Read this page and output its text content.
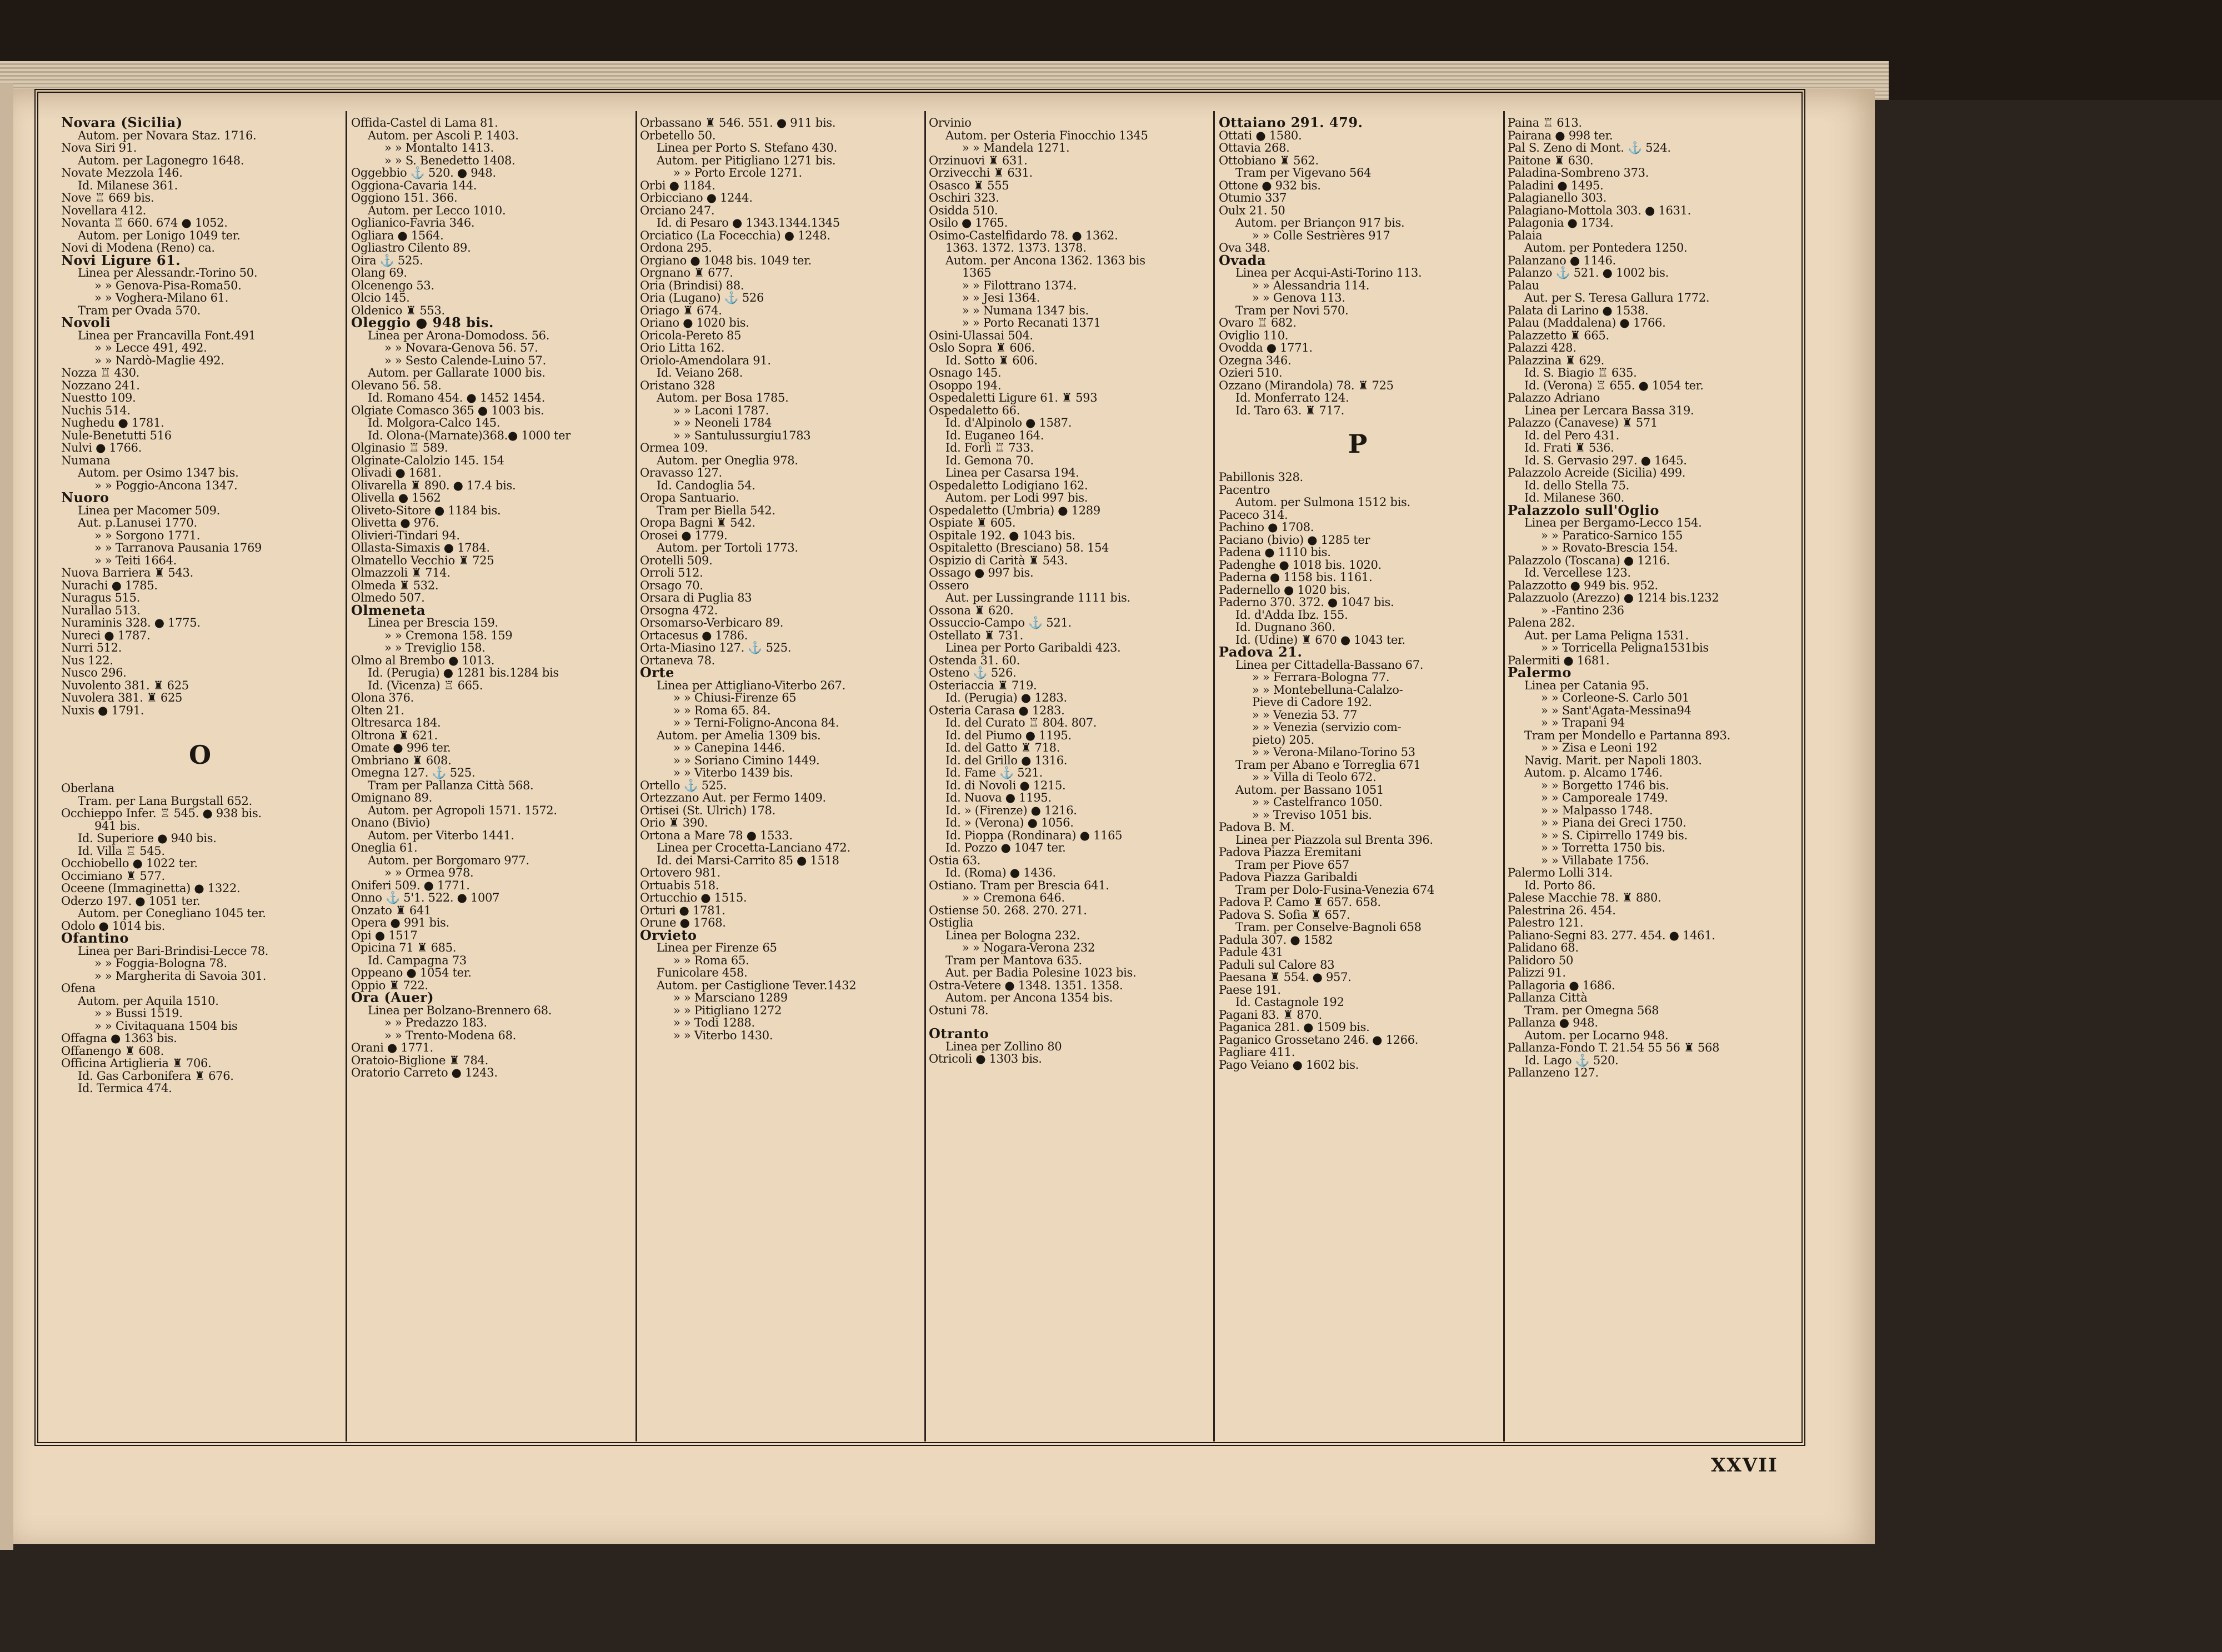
Novara (Sicilia)
Autom. per Novara Staz. 1716.
Nova Siri 91.
Autom. per Lagonegro 1648.
Novate Mezzola 146.
Id. Milanese 361.
Nove ♖ 669 bis.
Novellara 412.
Novanta ♖ 660. 674 ● 1052.
Autom. per Lonigo 1049 ter.
Novi di Modena (Reno) ca.
Novi Ligure 61.
Linea per Alessandr.-Torino 50.
» » Genova-Pisa-Roma50.
» » Voghera-Milano 61.
Tram per Ovada 570.
Novoli
Linea per Francavilla Font.491
» » Lecce 491, 492.
» » Nardò-Maglie 492.
Nozza ♖ 430.
Nozzano 241.
Nuestto 109.
Nuchis 514.
Nughedu ● 1781.
Nule-Benetutti 516
Nulvi ● 1766.
Numana
Autom. per Osimo 1347 bis.
» » Poggio-Ancona 1347.
Nuoro
Linea per Macomer 509.
Aut. p.Lanusei 1770.
» » Sorgono 1771.
» » Tarranova Pausania 1769
» » Teiti 1664.
Nuova Barriera ♜ 543.
Nurachi ● 1785.
Nuragus 515.
Nurallao 513.
Nuraminis 328. ● 1775.
Nureci ● 1787.
Nurri 512.
Nus 122.
Nusco 296.
Nuvolento 381. ♜ 625
Nuvolera 381. ♜ 625
Nuxis ● 1791.
O
Oberlana
Tram. per Lana Burgstall 652.
Occhieppo Infer. ♖ 545. ● 938 bis.
941 bis.
Id. Superiore ● 940 bis.
Id. Villa ♖ 545.
Occhiobello ● 1022 ter.
Occimiano ♜ 577.
Oceene (Immaginetta) ● 1322.
Oderzo 197. ● 1051 ter.
Autom. per Conegliano 1045 ter.
Odolo ● 1014 bis.
Ofantino
Linea per Bari-Brindisi-Lecce 78.
» » Foggia-Bologna 78.
» » Margherita di Savoia 301.
Ofena
Autom. per Aquila 1510.
» » Bussi 1519.
» » Civitaquana 1504 bis
Offagna ● 1363 bis.
Offanengo ♜ 608.
Officina Artiglieria ♜ 706.
Id. Gas Carbonifera ♜ 676.
Id. Termica 474.
Offida-Castel di Lama 81.
Autom. per Ascoli P. 1403.
» » Montalto 1413.
» » S. Benedetto 1408.
Oggebbio ⚓ 520. ● 948.
Oggiona-Cavaria 144.
Oggiono 151. 366.
Autom. per Lecco 1010.
Oglianico-Favria 346.
Ogliara ● 1564.
Ogliastro Cilento 89.
Oira ⚓ 525.
Olang 69.
Olcenengo 53.
Olcio 145.
Oldenico ♜ 553.
Oleggio ● 948 bis.
Linea per Arona-Domodoss. 56.
» » Novara-Genova 56. 57.
» » Sesto Calende-Luino 57.
Autom. per Gallarate 1000 bis.
Olevano 56. 58.
Id. Romano 454. ● 1452 1454.
Olgiate Comasco 365 ● 1003 bis.
Id. Molgora-Calco 145.
Id. Olona-(Marnate)368.● 1000 ter
Olginasio ♖ 589.
Olginate-Calolzio 145. 154
Olivadi ● 1681.
Olivarella ♜ 890. ● 17.4 bis.
Olivella ● 1562
Oliveto-Sitore ● 1184 bis.
Olivetta ● 976.
Olivieri-Tindari 94.
Ollasta-Simaxis ● 1784.
Olmatello Vecchio ♜ 725
Olmazzoli ♜ 714.
Olmeda ♜ 532.
Olmedo 507.
Olmeneta
Linea per Brescia 159.
» » Cremona 158. 159
» » Treviglio 158.
Olmo al Brembo ● 1013.
Id. (Perugia) ● 1281 bis.1284 bis
Id. (Vicenza) ♖ 665.
Olona 376.
Olten 21.
Oltresarca 184.
Oltrona ♜ 621.
Omate ● 996 ter.
Ombriano ♜ 608.
Omegna 127. ⚓ 525.
Tram per Pallanza Città 568.
Omignano 89.
Autom. per Agropoli 1571. 1572.
Onano (Bivio)
Autom. per Viterbo 1441.
Oneglia 61.
Autom. per Borgomaro 977.
» » Ormea 978.
Oniferi 509. ● 1771.
Onno ⚓ 5'1. 522. ● 1007
Onzato ♜ 641
Opera ● 991 bis.
Opi ● 1517
Opicina 71 ♜ 685.
Id. Campagna 73
Oppeano ● 1054 ter.
Oppio ♜ 722.
Ora (Auer)
Linea per Bolzano-Brennero 68.
» » Predazzo 183.
» » Trento-Modena 68.
Orani ● 1771.
Oratoio-Biglione ♜ 784.
Oratorio Carreto ● 1243.
Orbassano ♜ 546. 551. ● 911 bis.
Orbetello 50.
Linea per Porto S. Stefano 430.
Autom. per Pitigliano 1271 bis.
» » Porto Ercole 1271.
Orbi ● 1184.
Orbicciano ● 1244.
Orciano 247.
Id. di Pesaro ● 1343.1344.1345
Orciatico (La Focecchia) ● 1248.
Ordona 295.
Orgiano ● 1048 bis. 1049 ter.
Orgnano ♜ 677.
Oria (Brindisi) 88.
Oria (Lugano) ⚓ 526
Oriago ♜ 674.
Oriano ● 1020 bis.
Oricola-Pereto 85
Orio Litta 162.
Oriolo-Amendolara 91.
Id. Veiano 268.
Oristano 328
Autom. per Bosa 1785.
» » Laconi 1787.
» » Neoneli 1784
» » Santulussurgiu1783
Ormea 109.
Autom. per Oneglia 978.
Oravasso 127.
Id. Candoglia 54.
Oropa Santuario.
Tram per Biella 542.
Oropa Bagni ♜ 542.
Orosei ● 1779.
Autom. per Tortoli 1773.
Orotelli 509.
Orroli 512.
Orsago 70.
Orsara di Puglia 83
Orsogna 472.
Orsomarso-Verbicaro 89.
Ortacesus ● 1786.
Orta-Miasino 127. ⚓ 525.
Ortaneva 78.
Orte
Linea per Attigliano-Viterbo 267.
» » Chiusi-Firenze 65
» » Roma 65. 84.
» » Terni-Foligno-Ancona 84.
Autom. per Amelia 1309 bis.
» » Canepina 1446.
» » Soriano Cimino 1449.
» » Viterbo 1439 bis.
Ortello ⚓ 525.
Ortezzano Aut. per Fermo 1409.
Ortisei (St. Ulrich) 178.
Orio ♜ 390.
Ortona a Mare 78 ● 1533.
Linea per Crocetta-Lanciano 472.
Id. dei Marsi-Carrito 85 ● 1518
Ortovero 981.
Ortuabis 518.
Ortucchio ● 1515.
Orturi ● 1781.
Orune ● 1768.
Orvieto
Linea per Firenze 65
» » Roma 65.
Funicolare 458.
Autom. per Castiglione Tever.1432
» » Marsciano 1289
» » Pitigliano 1272
» » Todi 1288.
» » Viterbo 1430.
Orvinio
Autom. per Osteria Finocchio 1345
» » Mandela 1271.
Orzinuovi ♜ 631.
Orzivecchi ♜ 631.
Osasco ♜ 555
Oschiri 323.
Osidda 510.
Osilo ● 1765.
Osimo-Castelfidardo 78. ● 1362.
1363. 1372. 1373. 1378.
Autom. per Ancona 1362. 1363 bis
1365
» » Filottrano 1374.
» » Jesi 1364.
» » Numana 1347 bis.
» » Porto Recanati 1371
Osini-Ulassai 504.
Oslo Sopra ♜ 606.
Id. Sotto ♜ 606.
Osnago 145.
Osoppo 194.
Ospedaletti Ligure 61. ♜ 593
Ospedaletto 66.
Id. d'Alpinolo ● 1587.
Id. Euganeo 164.
Id. Forlì ♖ 733.
Id. Gemona 70.
Linea per Casarsa 194.
Ospedaletto Lodigiano 162.
Autom. per Lodi 997 bis.
Ospedaletto (Umbria) ● 1289
Ospiate ♜ 605.
Ospitale 192. ● 1043 bis.
Ospitaletto (Bresciano) 58. 154
Ospizio di Carità ♜ 543.
Ossago ● 997 bis.
Ossero
Aut. per Lussingrande 1111 bis.
Ossona ♜ 620.
Ossuccio-Campo ⚓ 521.
Ostellato ♜ 731.
Linea per Porto Garibaldi 423.
Ostenda 31. 60.
Osteno ⚓ 526.
Osteriaccia ♜ 719.
Id. (Perugia) ● 1283.
Osteria Carasa ● 1283.
Id. del Curato ♖ 804. 807.
Id. del Piumo ● 1195.
Id. del Gatto ♜ 718.
Id. del Grillo ● 1316.
Id. Fame ⚓ 521.
Id. di Novoli ● 1215.
Id. Nuova ● 1195.
Id. » (Firenze) ● 1216.
Id. » (Verona) ● 1056.
Id. Pioppa (Rondinara) ● 1165
Id. Pozzo ● 1047 ter.
Ostia 63.
Id. (Roma) ● 1436.
Ostiano. Tram per Brescia 641.
» » Cremona 646.
Ostiense 50. 268. 270. 271.
Ostiglia
Linea per Bologna 232.
» » Nogara-Verona 232
Tram per Mantova 635.
Aut. per Badia Polesine 1023 bis.
Ostra-Vetere ● 1348. 1351. 1358.
Autom. per Ancona 1354 bis.
Ostuni 78.
Otranto
Linea per Zollino 80
Otricoli ● 1303 bis.
Ottaiano 291. 479.
Ottati ● 1580.
Ottavia 268.
Ottobiano ♜ 562.
Tram per Vigevano 564
Ottone ● 932 bis.
Otumio 337
Oulx 21. 50
Autom. per Briançon 917 bis.
» » Colle Sestrières 917
Ova 348.
Ovada
Linea per Acqui-Asti-Torino 113.
» » Alessandria 114.
» » Genova 113.
Tram per Novi 570.
Ovaro ♖ 682.
Oviglio 110.
Ovodda ● 1771.
Ozegna 346.
Ozieri 510.
Ozzano (Mirandola) 78. ♜ 725
Id. Monferrato 124.
Id. Taro 63. ♜ 717.
P
Pabillonis 328.
Pacentro
Autom. per Sulmona 1512 bis.
Paceco 314.
Pachino ● 1708.
Paciano (bivio) ● 1285 ter
Padena ● 1110 bis.
Padenghe ● 1018 bis. 1020.
Paderna ● 1158 bis. 1161.
Padernello ● 1020 bis.
Paderno 370. 372. ● 1047 bis.
Id. d'Adda Ibz. 155.
Id. Dugnano 360.
Id. (Udine) ♜ 670 ● 1043 ter.
Padova 21.
Linea per Cittadella-Bassano 67.
» » Ferrara-Bologna 77.
» » Montebelluna-Calalzo-
Pieve di Cadore 192.
» » Venezia 53. 77
» » Venezia (servizio com-
pieto) 205.
» » Verona-Milano-Torino 53
Tram per Abano e Torreglia 671
» » Villa di Teolo 672.
Autom. per Bassano 1051
» » Castelfranco 1050.
» » Treviso 1051 bis.
Padova B. M.
Linea per Piazzola sul Brenta 396.
Padova Piazza Eremitani
Tram per Piove 657
Padova Piazza Garibaldi
Tram per Dolo-Fusina-Venezia 674
Padova P. Camo ♜ 657. 658.
Padova S. Sofia ♜ 657.
Tram. per Conselve-Bagnoli 658
Padula 307. ● 1582
Padule 431
Paduli sul Calore 83
Paesana ♜ 554. ● 957.
Paese 191.
Id. Castagnole 192
Pagani 83. ♜ 870.
Paganica 281. ● 1509 bis.
Paganico Grossetano 246. ● 1266.
Pagliare 411.
Pago Veiano ● 1602 bis.
Paina ♖ 613.
Pairana ● 998 ter.
Pal S. Zeno di Mont. ⚓ 524.
Paitone ♜ 630.
Paladina-Sombreno 373.
Paladini ● 1495.
Palagianello 303.
Palagiano-Mottola 303. ● 1631.
Palagonia ● 1734.
Palaia
Autom. per Pontedera 1250.
Palanzano ● 1146.
Palanzo ⚓ 521. ● 1002 bis.
Palau
Aut. per S. Teresa Gallura 1772.
Palata di Larino ● 1538.
Palau (Maddalena) ● 1766.
Palazzetto ♜ 665.
Palazzi 428.
Palazzina ♜ 629.
Id. S. Biagio ♖ 635.
Id. (Verona) ♖ 655. ● 1054 ter.
Palazzo Adriano
Linea per Lercara Bassa 319.
Palazzo (Canavese) ♜ 571
Id. del Pero 431.
Id. Frati ♜ 536.
Id. S. Gervasio 297. ● 1645.
Palazzolo Acreide (Sicilia) 499.
Id. dello Stella 75.
Id. Milanese 360.
Palazzolo sull'Oglio
Linea per Bergamo-Lecco 154.
» » Paratico-Sarnico 155
» » Rovato-Brescia 154.
Palazzolo (Toscana) ● 1216.
Id. Vercellese 123.
Palazzotto ● 949 bis. 952.
Palazzuolo (Arezzo) ● 1214 bis.1232
» -Fantino 236
Palena 282.
Aut. per Lama Peligna 1531.
» » Torricella Peligna1531bis
Palermiti ● 1681.
Palermo
Linea per Catania 95.
» » Corleone-S. Carlo 501
» » Sant'Agata-Messina94
» » Trapani 94
Tram per Mondello e Partanna 893.
» » Zisa e Leoni 192
Navig. Marit. per Napoli 1803.
Autom. p. Alcamo 1746.
» » Borgetto 1746 bis.
» » Camporeale 1749.
» » Malpasso 1748.
» » Piana dei Greci 1750.
» » S. Cipirrello 1749 bis.
» » Torretta 1750 bis.
» » Villabate 1756.
Palermo Lolli 314.
Id. Porto 86.
Palese Macchie 78. ♜ 880.
Palestrina 26. 454.
Palestro 121.
Paliano-Segni 83. 277. 454. ● 1461.
Palidano 68.
Palidoro 50
Palizzi 91.
Pallagoria ● 1686.
Pallanza Città
Tram. per Omegna 568
Pallanza ● 948.
Autom. per Locarno 948.
Pallanza-Fondo T. 21.54 55 56 ♜ 568
Id. Lago ⚓ 520.
Pallanzeno 127.
XXVII
